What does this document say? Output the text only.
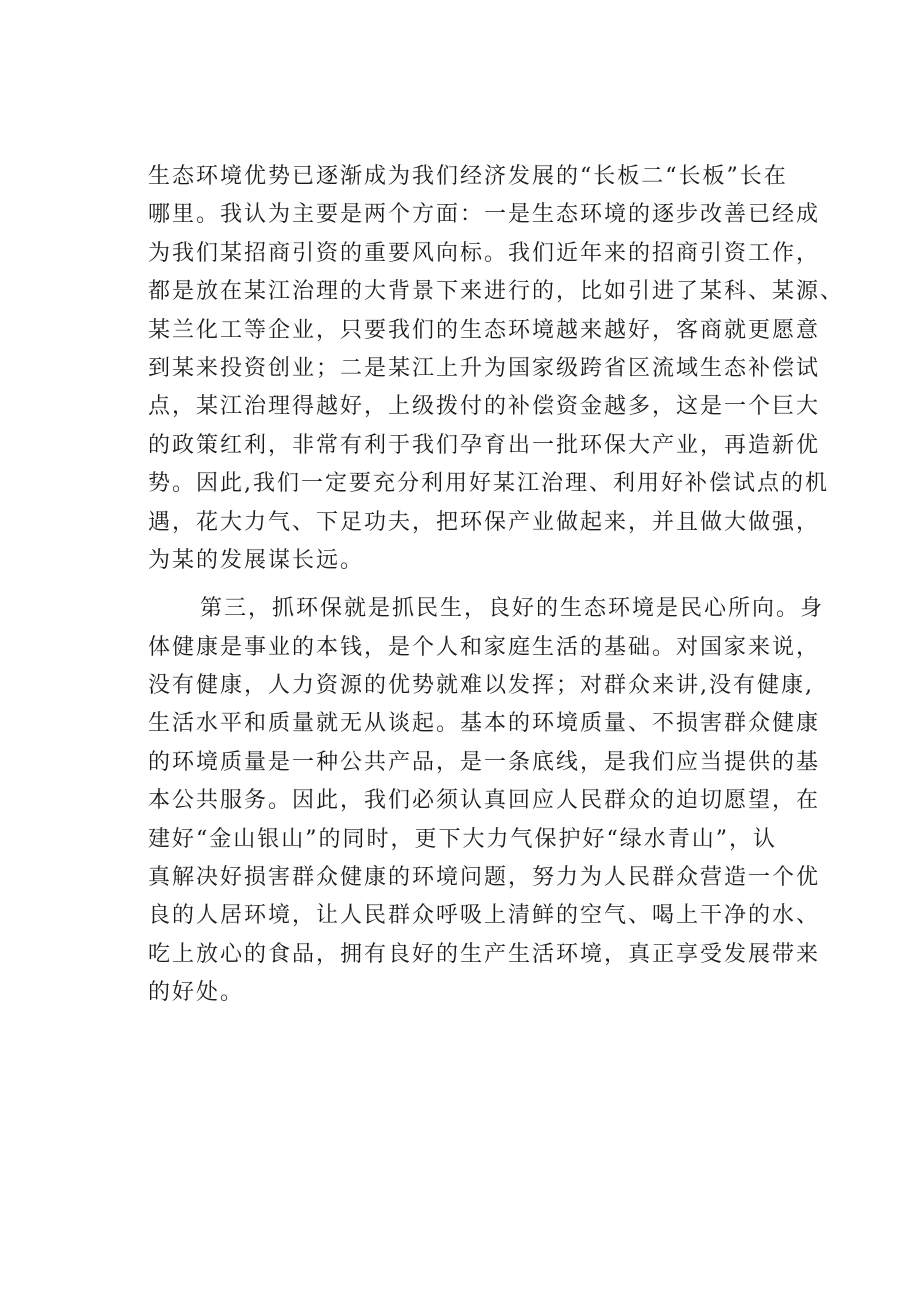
生态环境优势已逐渐成为我们经济发展的“长板二“长板”长在
哪里。我认为主要是两个方面：一是生态环境的逐步改善已经成
为我们某招商引资的重要风向标。我们近年来的招商引资工作，
都是放在某江治理的大背景下来进行的，比如引进了某科、某源、
某兰化工等企业，只要我们的生态环境越来越好，客商就更愿意
到某来投资创业；二是某江上升为国家级跨省区流域生态补偿试
点，某江治理得越好，上级拨付的补偿资金越多，这是一个巨大
的政策红利，非常有利于我们孕育出一批环保大产业，再造新优
势。因此,我们一定要充分利用好某江治理、利用好补偿试点的机
遇，花大力气、下足功夫，把环保产业做起来，并且做大做强，
为某的发展谋长远。
第三，抓环保就是抓民生，良好的生态环境是民心所向。身
体健康是事业的本钱，是个人和家庭生活的基础。对国家来说，
没有健康，人力资源的优势就难以发挥；对群众来讲,没有健康,
生活水平和质量就无从谈起。基本的环境质量、不损害群众健康
的环境质量是一种公共产品，是一条底线，是我们应当提供的基
本公共服务。因此，我们必须认真回应人民群众的迫切愿望，在
建好“金山银山”的同时，更下大力气保护好“绿水青山”，认
真解决好损害群众健康的环境问题，努力为人民群众营造一个优
良的人居环境，让人民群众呼吸上清鲜的空气、喝上干净的水、
吃上放心的食品，拥有良好的生产生活环境，真正享受发展带来
的好处。
